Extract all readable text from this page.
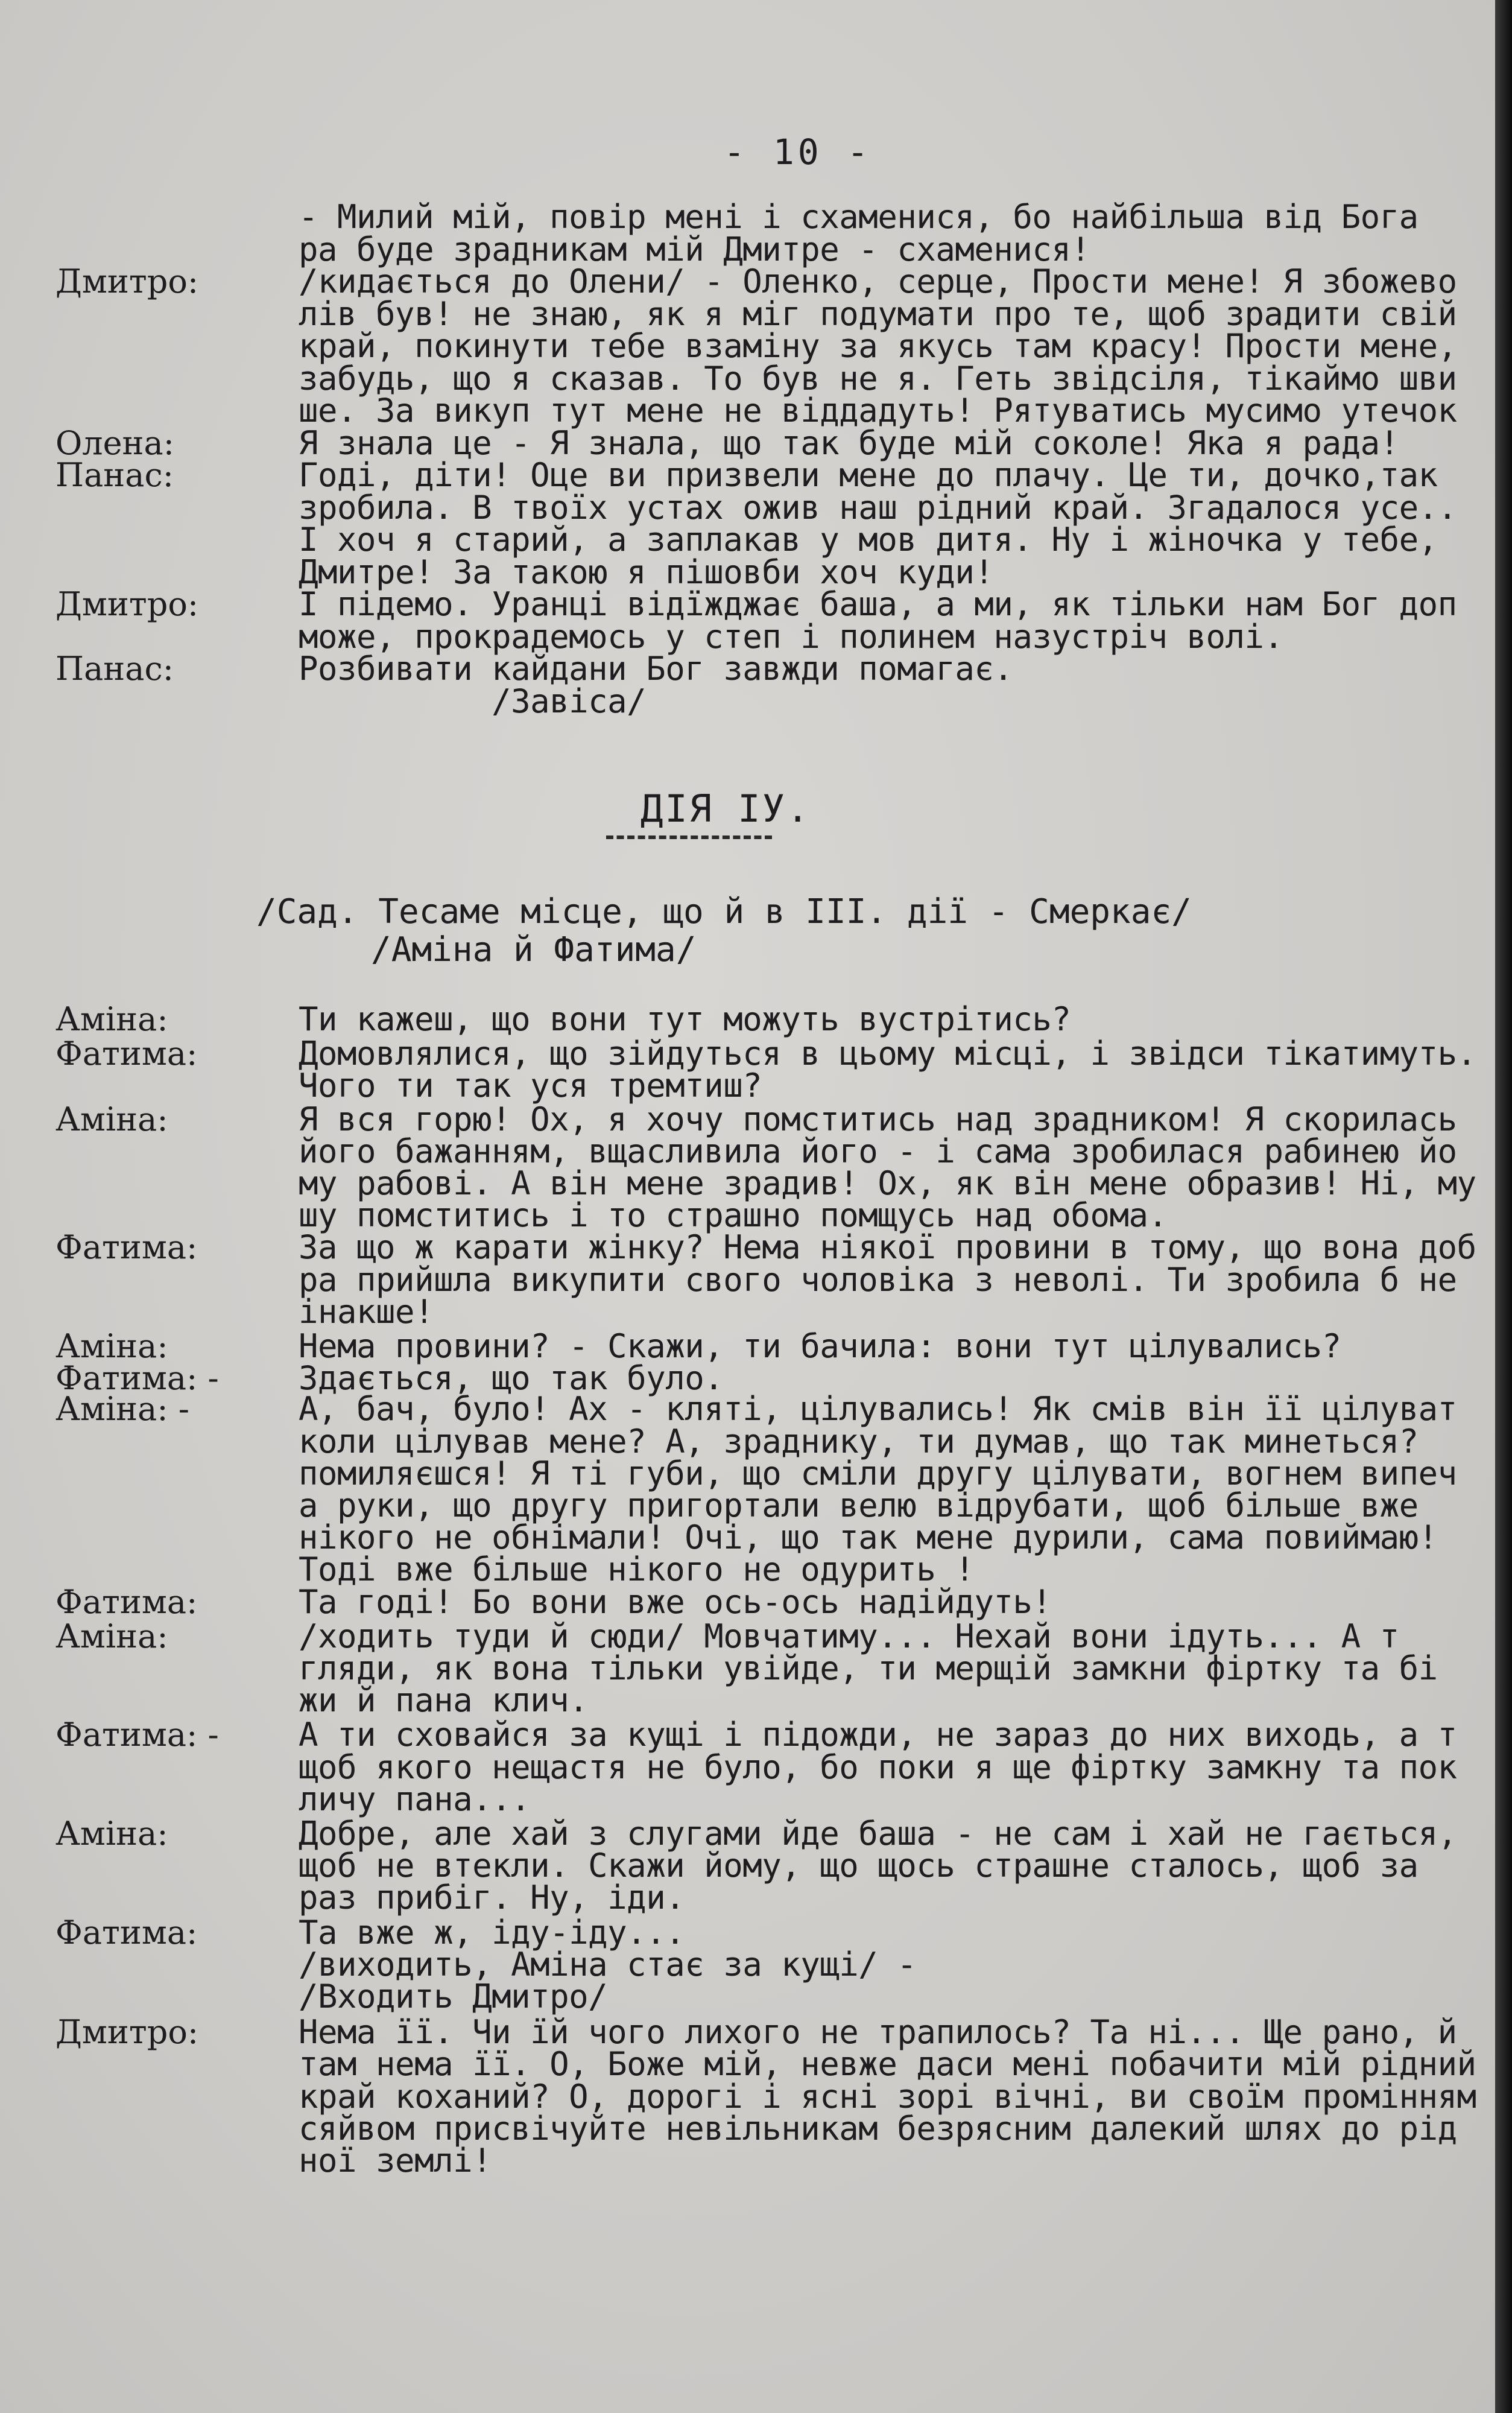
- 10 -
- Милий мій, повір мені і схаменися, бо найбільша від Бога
ра буде зрадникам мій Дмитре - схаменися!
Дмитро:	/кидається до Олени/ - Оленко, серце, Прости мене! Я збожево
лів був! не знаю, як я міг подумати про те, щоб зрадити свій
край, покинути тебе взаміну за якусь там красу! Прости мене,
забудь, що я сказав. То був не я. Геть звідсіля, тікаймо шви
ше. За викуп тут мене не віддадуть! Рятуватись мусимо утечок
Олена:	Я знала це - Я знала, що так буде мій соколе! Яка я рада!
Панас:	Годі, діти! Оце ви призвели мене до плачу. Це ти, дочко,так
зробила. В твоїх устах ожив наш рідний край. Згадалося усе..
І хоч я старий, а заплакав у мов дитя. Ну і жіночка у тебе,
Дмитре! За такою я пішовби хоч куди!
Дмитро:	І підемо. Уранці відїжджає баша, а ми, як тільки нам Бог доп
може, прокрадемось у степ і полинем назустріч волі.
Панас:	Розбивати кайдани Бог завжди помагає.
/Завіса/
ДІЯ ІУ.
/Сад. Тесаме місце, що й в ІІІ. дії - Смеркає/
/Аміна й Фатима/
Аміна:	Ти кажеш, що вони тут можуть вустрітись?
Фатима:	Домовлялися, що зійдуться в цьому місці, і звідси тікатимуть.
Чого ти так уся тремтиш?
Аміна:	Я вся горю! Ох, я хочу помститись над зрадником! Я скорилась
його бажанням, вщасливила його - і сама зробилася рабинею йо
му рабові. А він мене зрадив! Ох, як він мене образив! Ні, му
шу помститись і то страшно помщусь над обома.
Фатима:	За що ж карати жінку? Нема ніякої провини в тому, що вона доб
ра прийшла викупити свого чоловіка з неволі. Ти зробила б не
інакше!
Аміна:	Нема провини? - Скажи, ти бачила: вони тут цілувались?
Фатима: - Здається, що так було.
Аміна: -	А, бач, було! Ах - кляті, цілувались! Як смів він її цілуват
коли цілував мене? А, зраднику, ти думав, що так минеться?
помиляєшся! Я ті губи, що сміли другу цілувати, вогнем випеч
а руки, що другу пригортали велю відрубати, щоб більше вже
нікого не обнімали! Очі, що так мене дурили, сама повиймаю!
Тоді вже більше нікого не одурить !
Фатима:	Та годі! Бо вони вже ось-ось надійдуть!
Аміна:	/ходить туди й сюди/ Мовчатиму... Нехай вони ідуть... А т
гляди, як вона тільки увійде, ти мерщій замкни фіртку та бі
жи й пана клич.
Фатима: - А ти сховайся за кущі і підожди, не зараз до них виходь, а т
щоб якого нещастя не було, бо поки я ще фіртку замкну та пок
личу пана...
Аміна:	Добре, але хай з слугами йде баша - не сам і хай не гається,
щоб не втекли. Скажи йому, що щось страшне сталось, щоб за
раз прибіг. Ну, іди.
Фатима:	Та вже ж, іду-іду...
/виходить, Аміна стає за кущі/ -
/Входить Дмитро/
Дмитро:	Нема її. Чи їй чого лихого не трапилось? Та ні... Ще рано, й
там нема її. О, Боже мій, невже даси мені побачити мій рідний
край коханий? О, дорогі і ясні зорі вічні, ви своїм промінням
сяйвом присвічуйте невільникам безрясним далекий шлях до рід
ної землі!
